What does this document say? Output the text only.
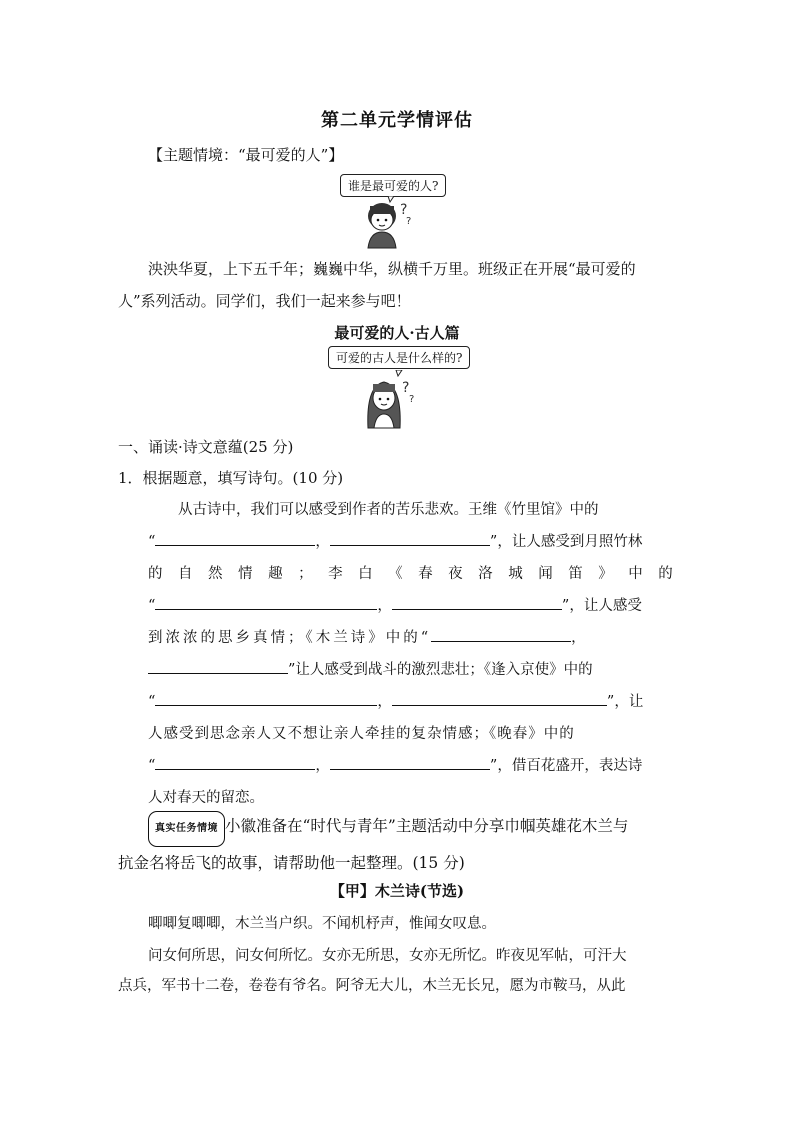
第二单元学情评估
【主题情境：“最可爱的人”】
谁是最可爱的人?
?
?
泱泱华夏，上下五千年；巍巍中华，纵横千万里。班级正在开展“最可爱的
人”系列活动。同学们，我们一起来参与吧！
最可爱的人·古人篇
可爱的古人是什么样的?
?
?
一、诵读·诗文意蕴(25 分)
1．根据题意，填写诗句。(10 分)
从古诗中，我们可以感受到作者的苦乐悲欢。王维《竹里馆》中的
“	，	”，让人感受到月照竹林
的 自 然 情 趣 ； 李 白 《 春 夜 洛 城 闻 笛 》 中 的
“	，	”，让人感受
到浓浓的思乡真情；《木兰诗》中的“	，
”让人感受到战斗的激烈悲壮；《逢入京使》中的
“	，	”，让
人感受到思念亲人又不想让亲人牵挂的复杂情感；《晚春》中的
“	，	”，借百花盛开，表达诗
人对春天的留恋。
真实任务情境 小徽准备在“时代与青年”主题活动中分享巾帼英雄花木兰与
抗金名将岳飞的故事，请帮助他一起整理。(15 分)
【甲】木兰诗(节选)
唧唧复唧唧，木兰当户织。不闻机杼声，惟闻女叹息。
问女何所思，问女何所忆。女亦无所思，女亦无所忆。昨夜见军帖，可汗大
点兵，军书十二卷，卷卷有爷名。阿爷无大儿，木兰无长兄，愿为市鞍马，从此
